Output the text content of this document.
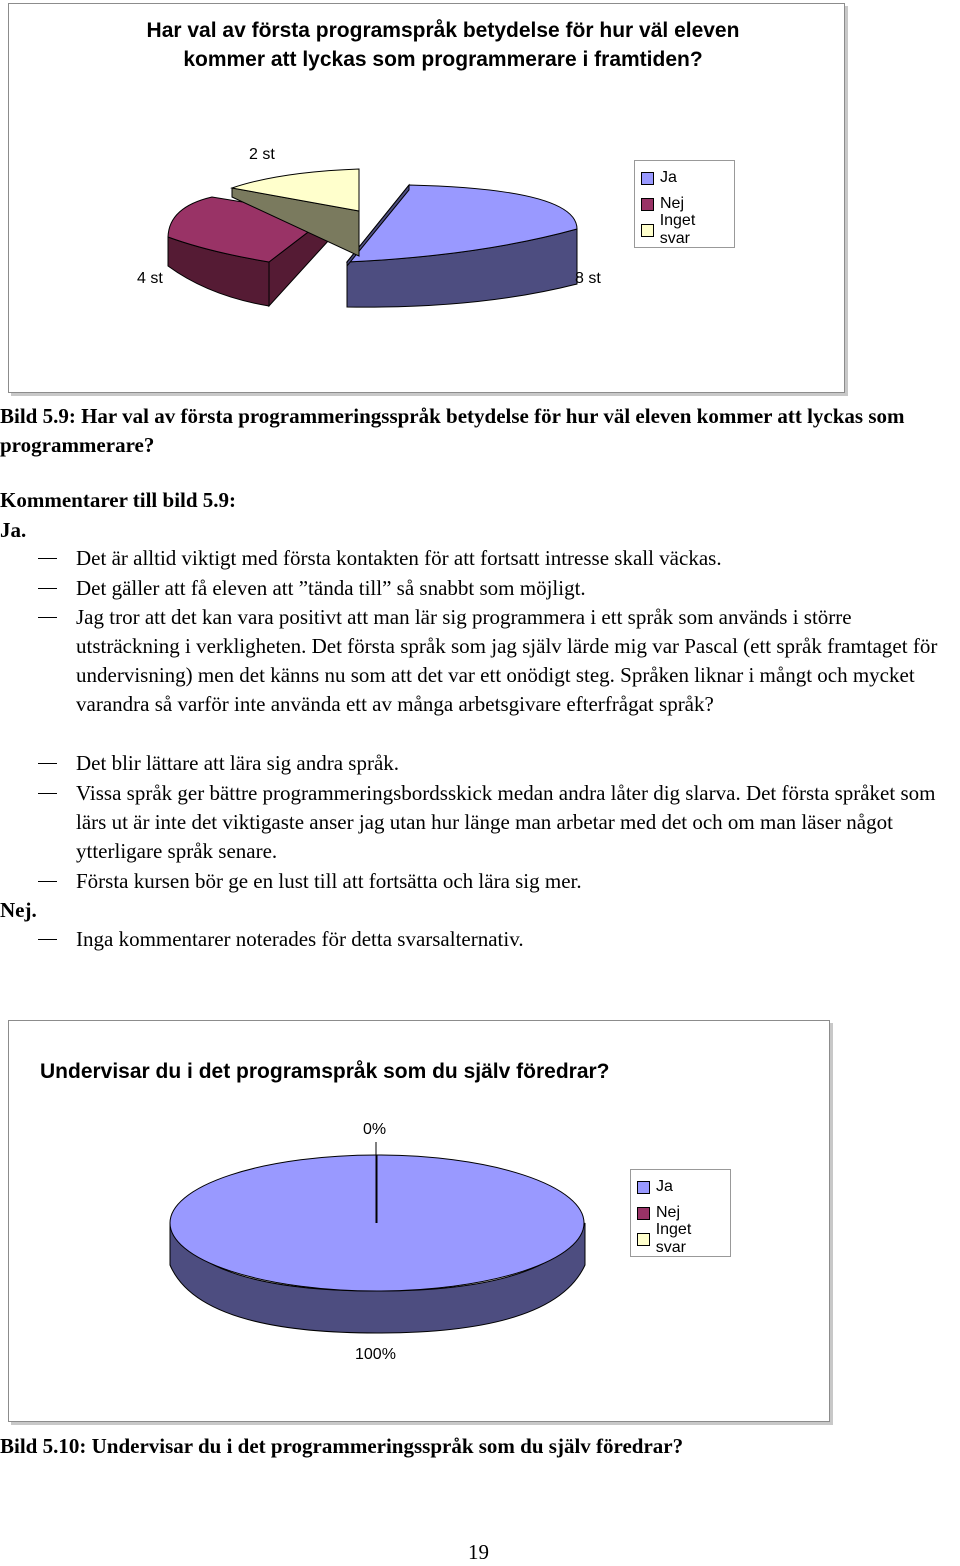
Har val av första programspråk betydelse för hur väl eleven kommer att lyckas som programmerare i framtiden?
2 st
4 st	8 st
Ja
Nej
Inget svar
Bild 5.9: Har val av första programmeringsspråk betydelse för hur väl eleven kommer att lyckas som programmerare?
Kommentarer till bild 5.9:
Ja.
Det är alltid viktigt med första kontakten för att fortsatt intresse skall väckas.
Det gäller att få eleven att ”tända till” så snabbt som möjligt.
Jag tror att det kan vara positivt att man lär sig programmera i ett språk som används i större utsträckning i verkligheten. Det första språk som jag själv lärde mig var Pascal (ett språk framtaget för undervisning) men det känns nu som att det var ett onödigt steg. Språken liknar i mångt och mycket varandra så varför inte använda ett av många arbetsgivare efterfrågat språk?
Det blir lättare att lära sig andra språk.
Vissa språk ger bättre programmeringsbordsskick medan andra låter dig slarva. Det första språket som lärs ut är inte det viktigaste anser jag utan hur länge man arbetar med det och om man läser något ytterligare språk senare.
Första kursen bör ge en lust till att fortsätta och lära sig mer.
Nej.
Inga kommentarer noterades för detta svarsalternativ.
Undervisar du i det programspråk som du själv föredrar?
0%
100%
Ja
Nej
Inget svar
Bild 5.10: Undervisar du i det programmeringsspråk som du själv föredrar?
19
